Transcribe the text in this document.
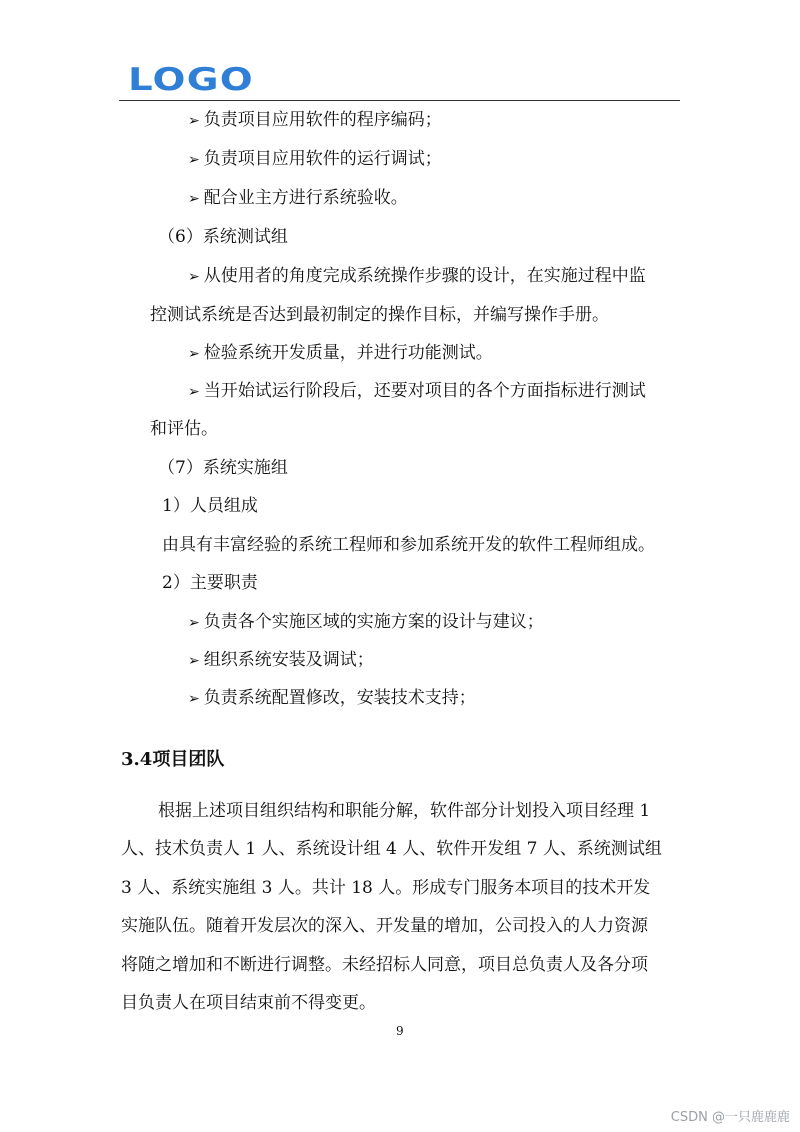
LOGO
➢ 负责项目应用软件的程序编码；
➢ 负责项目应用软件的运行调试；
➢ 配合业主方进行系统验收。
（6）系统测试组
➢ 从使用者的角度完成系统操作步骤的设计，在实施过程中监
控测试系统是否达到最初制定的操作目标，并编写操作手册。
➢ 检验系统开发质量，并进行功能测试。
➢ 当开始试运行阶段后，还要对项目的各个方面指标进行测试
和评估。
（7）系统实施组
1）人员组成
由具有丰富经验的系统工程师和参加系统开发的软件工程师组成。
2）主要职责
➢ 负责各个实施区域的实施方案的设计与建议；
➢ 组织系统安装及调试；
➢ 负责系统配置修改，安装技术支持；
3.4项目团队
根据上述项目组织结构和职能分解，软件部分计划投入项目经理 1
人、技术负责人 1 人、系统设计组 4 人、软件开发组 7 人、系统测试组
3 人、系统实施组 3 人。共计 18 人。形成专门服务本项目的技术开发
实施队伍。随着开发层次的深入、开发量的增加，公司投入的人力资源
将随之增加和不断进行调整。未经招标人同意，项目总负责人及各分项
目负责人在项目结束前不得变更。
9
CSDN @一只鹿鹿鹿
